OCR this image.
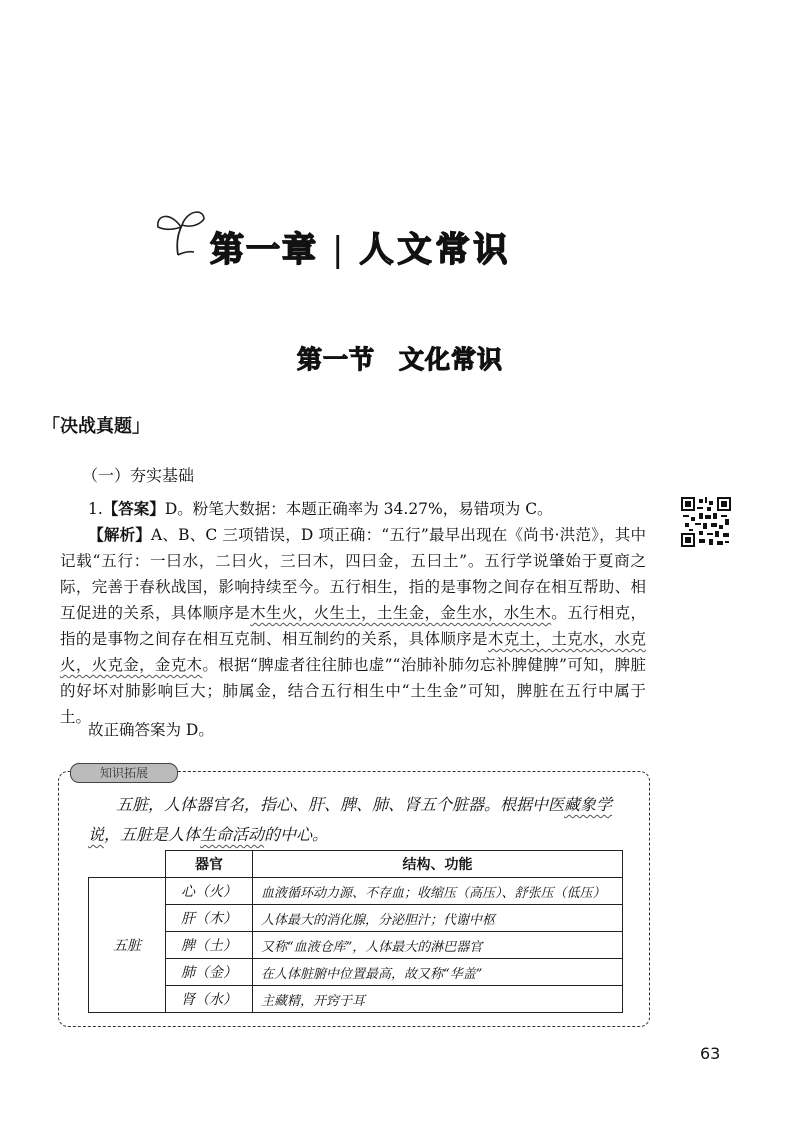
第一章 | 人文常识
第一节 文化常识
「决战真题」
（一）夯实基础
1.【答案】D。粉笔大数据：本题正确率为 34.27%，易错项为 C。
【解析】A、B、C 三项错误，D 项正确：“五行”最早出现在《尚书·洪范》，其中记载“五行：一曰水，二曰火，三曰木，四曰金，五曰土”。五行学说肇始于夏商之际，完善于春秋战国，影响持续至今。五行相生，指的是事物之间存在相互帮助、相互促进的关系，具体顺序是木生火，火生土，土生金，金生水，水生木。五行相克，指的是事物之间存在相互克制、相互制约的关系，具体顺序是木克土，土克水，水克火，火克金，金克木。根据“脾虚者往往肺也虚”“治肺补肺勿忘补脾健脾”可知，脾脏的好坏对肺影响巨大；肺属金，结合五行相生中“土生金”可知，脾脏在五行中属于土。
故正确答案为 D。
知识拓展
五脏，人体器官名，指心、肝、脾、肺、肾五个脏器。根据中医藏象学说，五脏是人体生命活动的中心。
	器官	结构、功能
五脏	心（火）	血液循环动力源、不存血；收缩压（高压）、舒张压（低压）
	肝（木）	人体最大的消化腺，分泌胆汁；代谢中枢
	脾（土）	又称“血液仓库”，人体最大的淋巴器官
	肺（金）	在人体脏腑中位置最高，故又称“华盖”
	肾（水）	主藏精，开窍于耳
63
